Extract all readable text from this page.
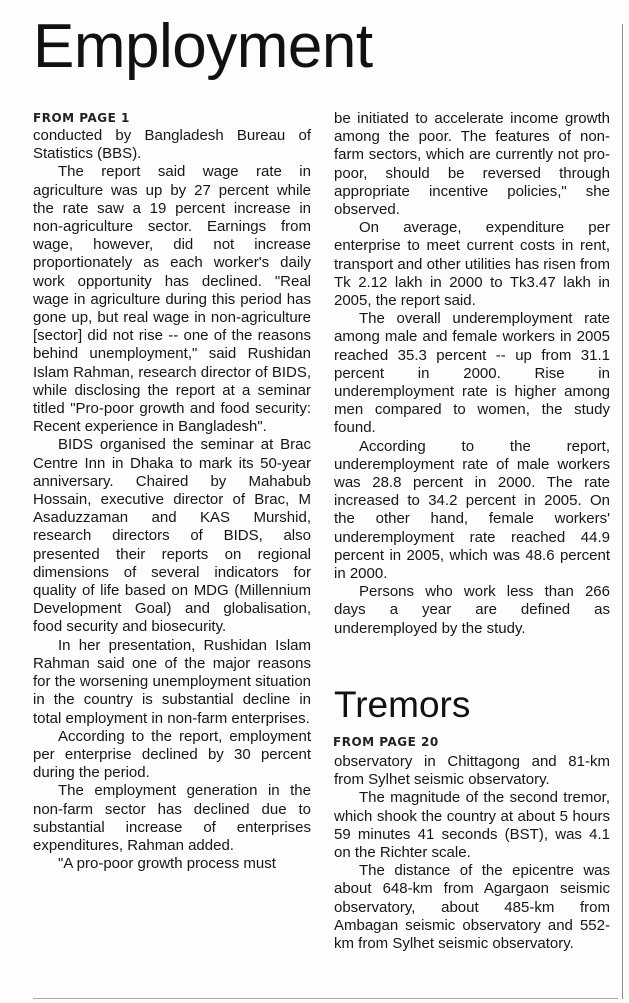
Employment
FROM PAGE 1

conducted by Bangladesh Bureau of Statistics (BBS).

The report said wage rate in agriculture was up by 27 percent while the rate saw a 19 percent increase in non-agriculture sector. Earnings from wage, however, did not increase proportionately as each worker's daily work opportunity has declined. "Real wage in agriculture during this period has gone up, but real wage in non-agriculture [sector] did not rise -- one of the reasons behind unemployment," said Rushidan Islam Rahman, research director of BIDS, while disclosing the report at a seminar titled "Pro-poor growth and food security: Recent experience in Bangladesh".

BIDS organised the seminar at Brac Centre Inn in Dhaka to mark its 50-year anniversary. Chaired by Mahabub Hossain, executive director of Brac, M Asaduzzaman and KAS Murshid, research directors of BIDS, also presented their reports on regional dimensions of several indicators for quality of life based on MDG (Millennium Development Goal) and globalisation, food security and biosecurity.

In her presentation, Rushidan Islam Rahman said one of the major reasons for the worsening unemployment situation in the country is substantial decline in total employment in non-farm enterprises.

According to the report, employment per enterprise declined by 30 percent during the period.

The employment generation in the non-farm sector has declined due to substantial increase of enterprises expenditures, Rahman added.

"A pro-poor growth process must

be initiated to accelerate income growth among the poor. The features of non-farm sectors, which are currently not pro-poor, should be reversed through appropriate incentive policies," she observed.

On average, expenditure per enterprise to meet current costs in rent, transport and other utilities has risen from Tk 2.12 lakh in 2000 to Tk3.47 lakh in 2005, the report said.

The overall underemployment rate among male and female workers in 2005 reached 35.3 percent -- up from 31.1 percent in 2000. Rise in underemployment rate is higher among men compared to women, the study found.

According to the report, underemployment rate of male workers was 28.8 percent in 2000. The rate increased to 34.2 percent in 2005. On the other hand, female workers' underemployment rate reached 44.9 percent in 2005, which was 48.6 percent in 2000.

Persons who work less than 266 days a year are defined as underemployed by the study.

Tremors
FROM PAGE 20

observatory in Chittagong and 81-km from Sylhet seismic observatory.

The magnitude of the second tremor, which shook the country at about 5 hours 59 minutes 41 seconds (BST), was 4.1 on the Richter scale.

The distance of the epicentre was about 648-km from Agargaon seismic observatory, about 485-km from Ambagan seismic observatory and 552-km from Sylhet seismic observatory.
